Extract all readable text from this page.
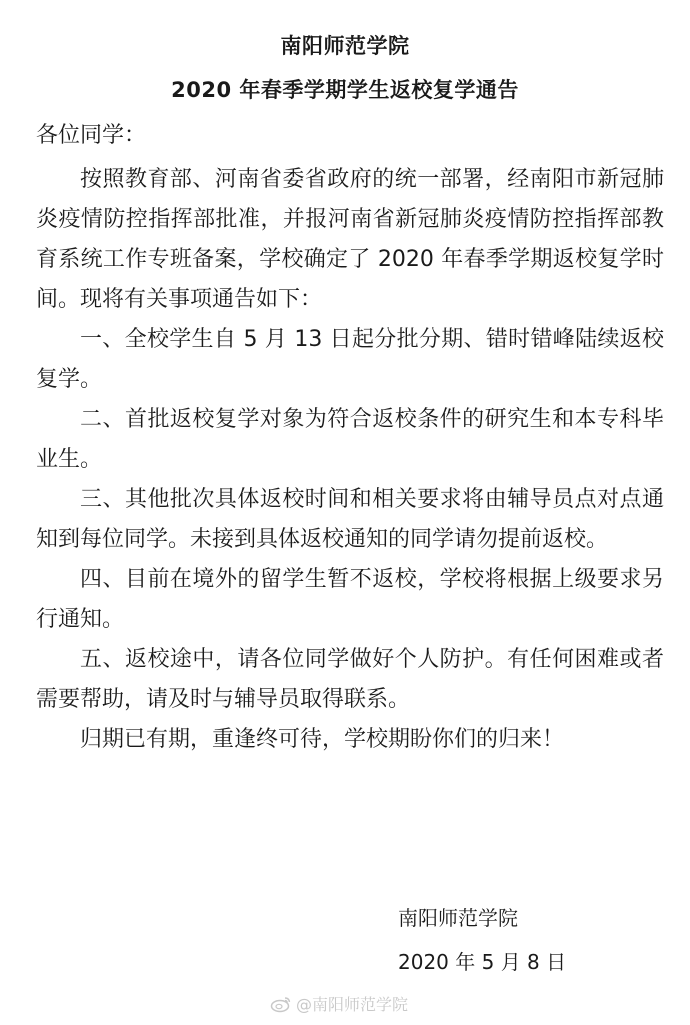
南阳师范学院
2020 年春季学期学生返校复学通告
各位同学：

按照教育部、河南省委省政府的统一部署，经南阳市新冠肺炎疫情防控指挥部批准，并报河南省新冠肺炎疫情防控指挥部教育系统工作专班备案，学校确定了 2020 年春季学期返校复学时间。现将有关事项通告如下：

一、全校学生自 5 月 13 日起分批分期、错时错峰陆续返校复学。

二、首批返校复学对象为符合返校条件的研究生和本专科毕业生。

三、其他批次具体返校时间和相关要求将由辅导员点对点通知到每位同学。未接到具体返校通知的同学请勿提前返校。

四、目前在境外的留学生暂不返校，学校将根据上级要求另行通知。

五、返校途中，请各位同学做好个人防护。有任何困难或者需要帮助，请及时与辅导员取得联系。

归期已有期，重逢终可待，学校期盼你们的归来！

南阳师范学院
2020 年 5 月 8 日
@南阳师范学院
